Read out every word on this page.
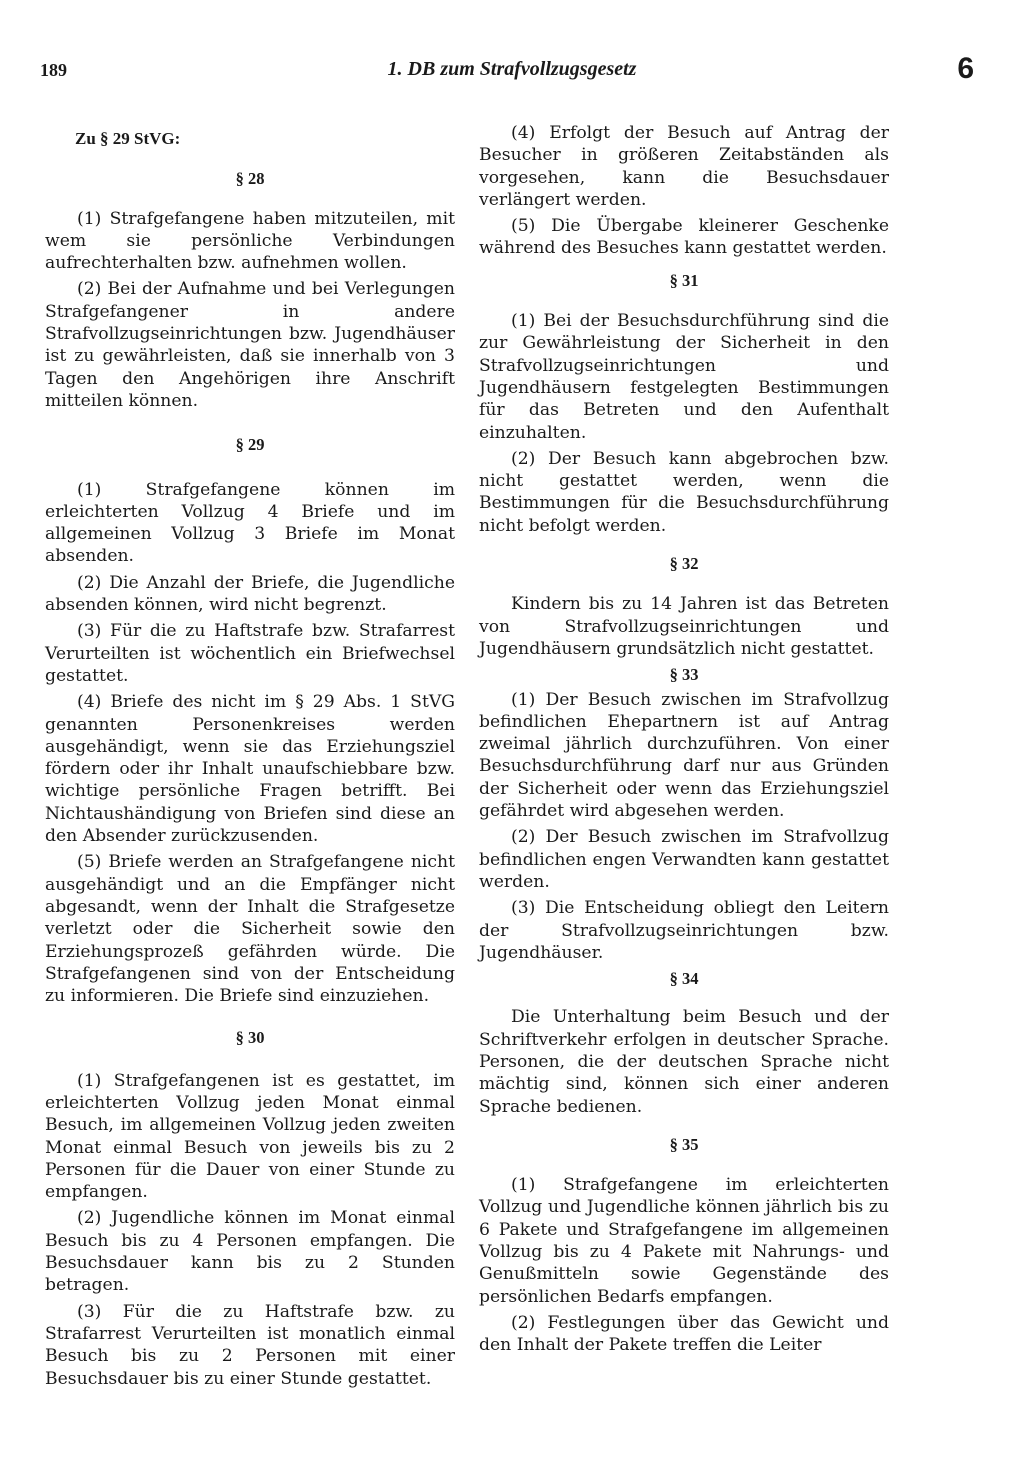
189	1. DB zum Strafvollzugsgesetz	6
Zu § 29 StVG:
§ 28

(1) Strafgefangene haben mitzuteilen, mit wem sie persönliche Verbindungen aufrechterhalten bzw. aufnehmen wollen.

(2) Bei der Aufnahme und bei Verlegungen Strafgefangener in andere Strafvollzugseinrichtungen bzw. Jugendhäuser ist zu gewährleisten, daß sie innerhalb von 3 Tagen den Angehörigen ihre Anschrift mitteilen können.

§ 29

(1) Strafgefangene können im erleichterten Vollzug 4 Briefe und im allgemeinen Vollzug 3 Briefe im Monat absenden.

(2) Die Anzahl der Briefe, die Jugendliche absenden können, wird nicht begrenzt.

(3) Für die zu Haftstrafe bzw. Strafarrest Verurteilten ist wöchentlich ein Briefwechsel gestattet.

(4) Briefe des nicht im § 29 Abs. 1 StVG genannten Personenkreises werden ausgehändigt, wenn sie das Erziehungsziel fördern oder ihr Inhalt unaufschiebbare bzw. wichtige persönliche Fragen betrifft. Bei Nichtaushändigung von Briefen sind diese an den Absender zurückzusenden.

(5) Briefe werden an Strafgefangene nicht ausgehändigt und an die Empfänger nicht abgesandt, wenn der Inhalt die Strafgesetze verletzt oder die Sicherheit sowie den Erziehungsprozeß gefährden würde. Die Strafgefangenen sind von der Entscheidung zu informieren. Die Briefe sind einzuziehen.

§ 30

(1) Strafgefangenen ist es gestattet, im erleichterten Vollzug jeden Monat einmal Besuch, im allgemeinen Vollzug jeden zweiten Monat einmal Besuch von jeweils bis zu 2 Personen für die Dauer von einer Stunde zu empfangen.

(2) Jugendliche können im Monat einmal Besuch bis zu 4 Personen empfangen. Die Besuchsdauer kann bis zu 2 Stunden betragen.

(3) Für die zu Haftstrafe bzw. zu Strafarrest Verurteilten ist monatlich einmal Besuch bis zu 2 Personen mit einer Besuchsdauer bis zu einer Stunde gestattet.

(4) Erfolgt der Besuch auf Antrag der Besucher in größeren Zeitabständen als vorgesehen, kann die Besuchsdauer verlängert werden.

(5) Die Übergabe kleinerer Geschenke während des Besuches kann gestattet werden.

§ 31

(1) Bei der Besuchsdurchführung sind die zur Gewährleistung der Sicherheit in den Strafvollzugseinrichtungen und Jugendhäusern festgelegten Bestimmungen für das Betreten und den Aufenthalt einzuhalten.

(2) Der Besuch kann abgebrochen bzw. nicht gestattet werden, wenn die Bestimmungen für die Besuchsdurchführung nicht befolgt werden.

§ 32

Kindern bis zu 14 Jahren ist das Betreten von Strafvollzugseinrichtungen und Jugendhäusern grundsätzlich nicht gestattet.

§ 33

(1) Der Besuch zwischen im Strafvollzug befindlichen Ehepartnern ist auf Antrag zweimal jährlich durchzuführen. Von einer Besuchsdurchführung darf nur aus Gründen der Sicherheit oder wenn das Erziehungsziel gefährdet wird abgesehen werden.

(2) Der Besuch zwischen im Strafvollzug befindlichen engen Verwandten kann gestattet werden.

(3) Die Entscheidung obliegt den Leitern der Strafvollzugseinrichtungen bzw. Jugendhäuser.

§ 34

Die Unterhaltung beim Besuch und der Schriftverkehr erfolgen in deutscher Sprache. Personen, die der deutschen Sprache nicht mächtig sind, können sich einer anderen Sprache bedienen.

§ 35

(1) Strafgefangene im erleichterten Vollzug und Jugendliche können jährlich bis zu 6 Pakete und Strafgefangene im allgemeinen Vollzug bis zu 4 Pakete mit Nahrungs- und Genußmitteln sowie Gegenstände des persönlichen Bedarfs empfangen.

(2) Festlegungen über das Gewicht und den Inhalt der Pakete treffen die Leiter
